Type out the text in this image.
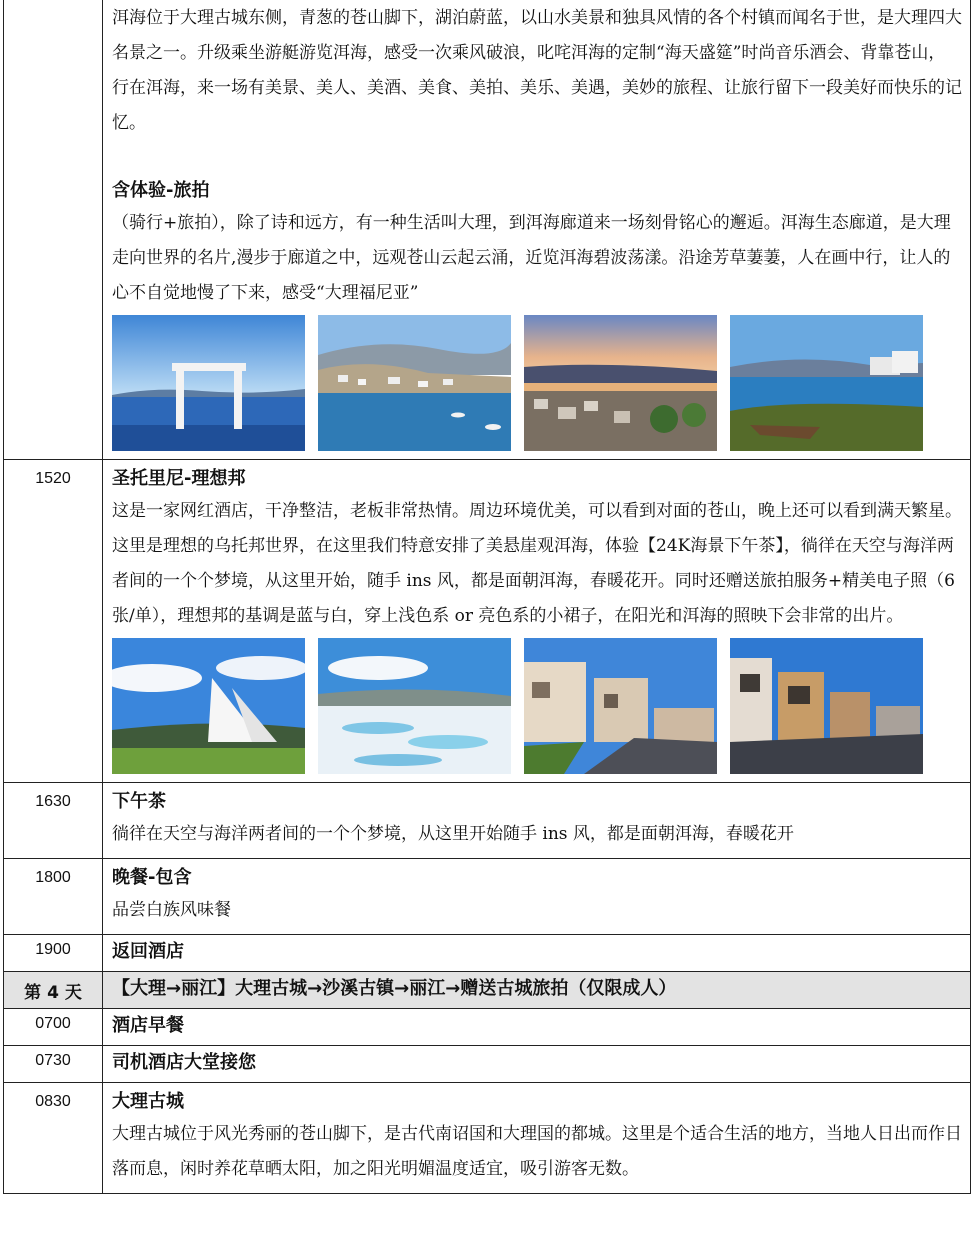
	洱海位于大理古城东侧，青葱的苍山脚下，湖泊蔚蓝，以山水美景和独具风情的各个村镇而闻名于世，是大理四大名景之一。升级乘坐游艇游览洱海，感受一次乘风破浪，叱咤洱海的定制“海天盛筵”时尚音乐酒会、背靠苍山，行在洱海，来一场有美景、美人、美酒、美食、美拍、美乐、美遇，美妙的旅程、让旅行留下一段美好而快乐的记忆。

含体验-旅拍

（骑行+旅拍），除了诗和远方，有一种生活叫大理，到洱海廊道来一场刻骨铭心的邂逅。洱海生态廊道，是大理走向世界的名片,漫步于廊道之中，远观苍山云起云涌，近览洱海碧波荡漾。沿途芳草萋萋，人在画中行，让人的心不自觉地慢了下来，感受“大理福尼亚”

1520	圣托里尼-理想邦

这是一家网红酒店，干净整洁，老板非常热情。周边环境优美，可以看到对面的苍山，晚上还可以看到满天繁星。这里是理想的乌托邦世界，在这里我们特意安排了美悬崖观洱海，体验【24K海景下午茶】，徜徉在天空与海洋两者间的一个个梦境，从这里开始，随手 ins 风，都是面朝洱海，春暖花开。同时还赠送旅拍服务+精美电子照（6 张/单），理想邦的基调是蓝与白，穿上浅色系 or 亮色系的小裙子，在阳光和洱海的照映下会非常的出片。

1630	下午茶

徜徉在天空与海洋两者间的一个个梦境，从这里开始随手 ins 风，都是面朝洱海，春暖花开

1800	晚餐-包含

品尝白族风味餐

1900	返回酒店

第 4 天	【大理→丽江】大理古城→沙溪古镇→丽江→赠送古城旅拍（仅限成人）

0700	酒店早餐

0730	司机酒店大堂接您

0830	大理古城

大理古城位于风光秀丽的苍山脚下，是古代南诏国和大理国的都城。这里是个适合生活的地方，当地人日出而作日落而息，闲时养花草晒太阳，加之阳光明媚温度适宜，吸引游客无数。
